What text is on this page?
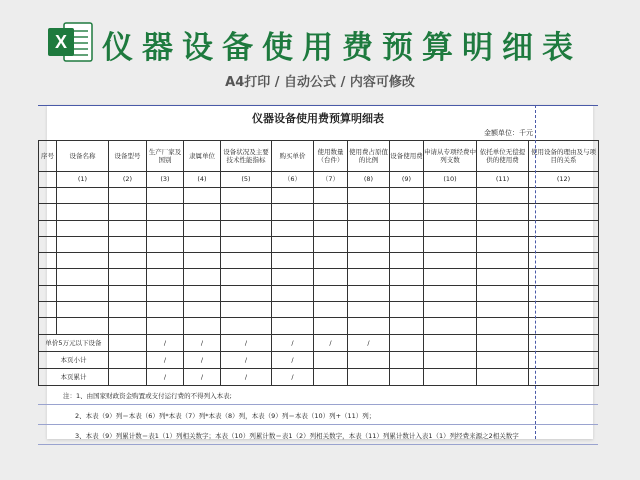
X 仪器设备使用费预算明细表
A4打印 / 自动公式 / 内容可修改
仪器设备使用费预算明细表
金额单位：千元
序号	设备名称	设备型号	生产厂家及国别	隶属单位	设备状况及主要技术性能指标	购买单价	使用数量（台件）	使用费占原值的比例	设备使用费	申请从专项经费中列支数	依托单位无偿提供的使用费	使用设备的理由及与项目的关系	
	(1)	(2)	(3)	(4)	(5)	（6）	（7）	(8)	(9)	(10)	(11)	(12)	

单价5万元以下设备			/	/	/	/	/	/					
本页小计			/	/	/	/							
本页累计			/	/	/	/							
注：1、由国家财政资金购置或支付运行费的不得列入本表;
2、本表（9）列＝本表（6）列*本表（7）列*本表（8）列，本表（9）列＝本表（10）列+（11）列；
3、本表（9）列累计数＝表1（1）列相关数字；本表（10）列累计数＝表1（2）列相关数字，本表（11）列累计数计入表1（1）列经费来源之2相关数字
